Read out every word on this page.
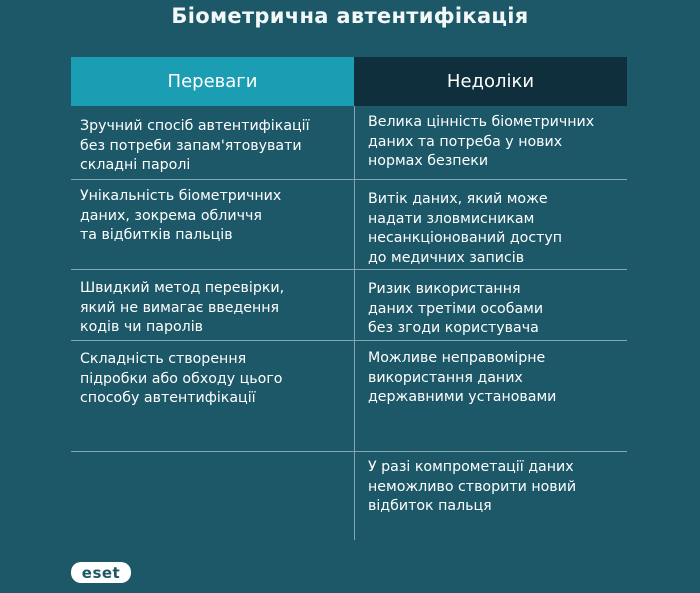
Біометрична автентифікація
Переваги	Недоліки
Зручний спосіб автентифікації
без потреби запам'ятовувати
складні паролі
Унікальність біометричних
даних, зокрема обличчя
та відбитків пальців
Швидкий метод перевірки,
який не вимагає введення
кодів чи паролів
Складність створення
підробки або обходу цього
способу автентифікації
Велика цінність біометричних
даних та потреба у нових
нормах безпеки
Витік даних, який може
надати зловмисникам
несанкціонований доступ
до медичних записів
Ризик використання
даних третіми особами
без згоди користувача
Можливе неправомірне
використання даних
державними установами
У разі компрометації даних
неможливо створити новий
відбиток пальця
eset
